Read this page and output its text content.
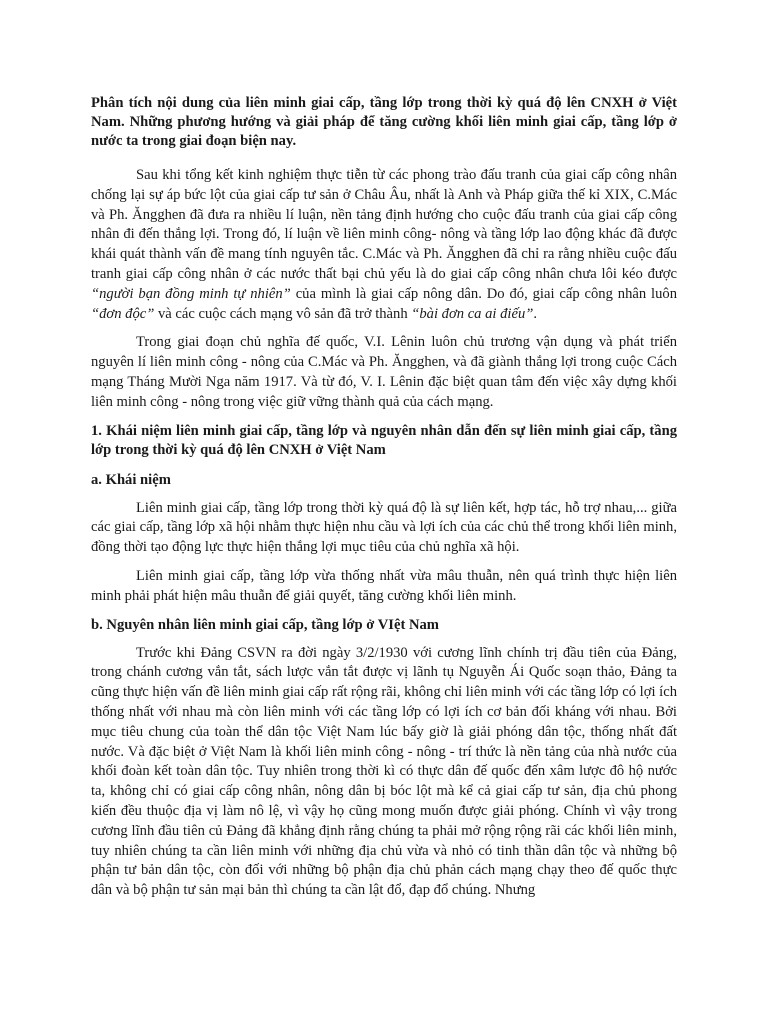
Phân tích nội dung của liên minh giai cấp, tầng lớp trong thời kỳ quá độ lên CNXH ở Việt Nam. Những phương hướng và giải pháp để tăng cường khối liên minh giai cấp, tầng lớp ở nước ta trong giai đoạn biện nay.

Sau khi tổng kết kinh nghiệm thực tiễn từ các phong trào đấu tranh của giai cấp công nhân chống lại sự áp bức lột của giai cấp tư sản ở Châu Âu, nhất là Anh và Pháp giữa thế kỉ XIX, C.Mác và Ph. Ăngghen đã đưa ra nhiều lí luận, nền tảng định hướng cho cuộc đấu tranh của giai cấp công nhân đi đến thắng lợi. Trong đó, lí luận về liên minh công- nông và tầng lớp lao động khác đã được khái quát thành vấn đề mang tính nguyên tắc. C.Mác và Ph. Ăngghen đã chỉ ra rằng nhiều cuộc đấu tranh giai cấp công nhân ở các nước thất bại chủ yếu là do giai cấp công nhân chưa lôi kéo được “người bạn đồng minh tự nhiên” của mình là giai cấp nông dân. Do đó, giai cấp công nhân luôn “đơn độc” và các cuộc cách mạng vô sản đã trở thành “bài đơn ca ai điếu”.

Trong giai đoạn chủ nghĩa đế quốc, V.I. Lênin luôn chủ trương vận dụng và phát triển nguyên lí liên minh công - nông của C.Mác và Ph. Ăngghen, và đã giành thắng lợi trong cuộc Cách mạng Tháng Mười Nga năm 1917. Và từ đó, V. I. Lênin đặc biệt quan tâm đến việc xây dựng khối liên minh công - nông trong việc giữ vững thành quả của cách mạng.

1. Khái niệm liên minh giai cấp, tầng lớp và nguyên nhân dẫn đến sự liên minh giai cấp, tầng lớp trong thời kỳ quá độ lên CNXH ở Việt Nam
a. Khái niệm

Liên minh giai cấp, tầng lớp trong thời kỳ quá độ là sự liên kết, hợp tác, hỗ trợ nhau,... giữa các giai cấp, tầng lớp xã hội nhằm thực hiện nhu cầu và lợi ích của các chủ thể trong khối liên minh, đồng thời tạo động lực thực hiện thắng lợi mục tiêu của chủ nghĩa xã hội.

Liên minh giai cấp, tầng lớp vừa thống nhất vừa mâu thuẫn, nên quá trình thực hiện liên minh phải phát hiện mâu thuẫn để giải quyết, tăng cường khối liên minh.

b. Nguyên nhân liên minh giai cấp, tầng lớp ở VIệt Nam

Trước khi Đảng CSVN ra đời ngày 3/2/1930 với cương lĩnh chính trị đầu tiên của Đảng, trong chánh cương vắn tắt, sách lược vắn tắt được vị lãnh tụ Nguyễn Ái Quốc soạn thảo, Đảng ta cũng thực hiện vấn đề liên minh giai cấp rất rộng rãi, không chỉ liên minh với các tầng lớp có lợi ích thống nhất với nhau mà còn liên minh với các tầng lớp có lợi ích cơ bản đối kháng với nhau. Bởi mục tiêu chung của toàn thể dân tộc Việt Nam lúc bấy giờ là giải phóng dân tộc, thống nhất đất nước. Và đặc biệt ở Việt Nam là khối liên minh công - nông - trí thức là nền tảng của nhà nước của khối đoàn kết toàn dân tộc. Tuy nhiên trong thời kì có thực dân đế quốc đến xâm lược đô hộ nước ta, không chỉ có giai cấp công nhân, nông dân bị bóc lột mà kể cả giai cấp tư sản, địa chủ phong kiến đều thuộc địa vị làm nô lệ, vì vậy họ cũng mong muốn được giải phóng. Chính vì vậy trong cương lĩnh đầu tiên củ Đảng đã khẳng định rằng chúng ta phải mở rộng rộng rãi các khối liên minh, tuy nhiên chúng ta cần liên minh với những địa chủ vừa và nhỏ có tinh thần dân tộc và những bộ phận tư bản dân tộc, còn đối với những bộ phận địa chủ phản cách mạng chạy theo đế quốc thực dân và bộ phận tư sản mại bản thì chúng ta cần lật đổ, đạp đổ chúng. Nhưng
